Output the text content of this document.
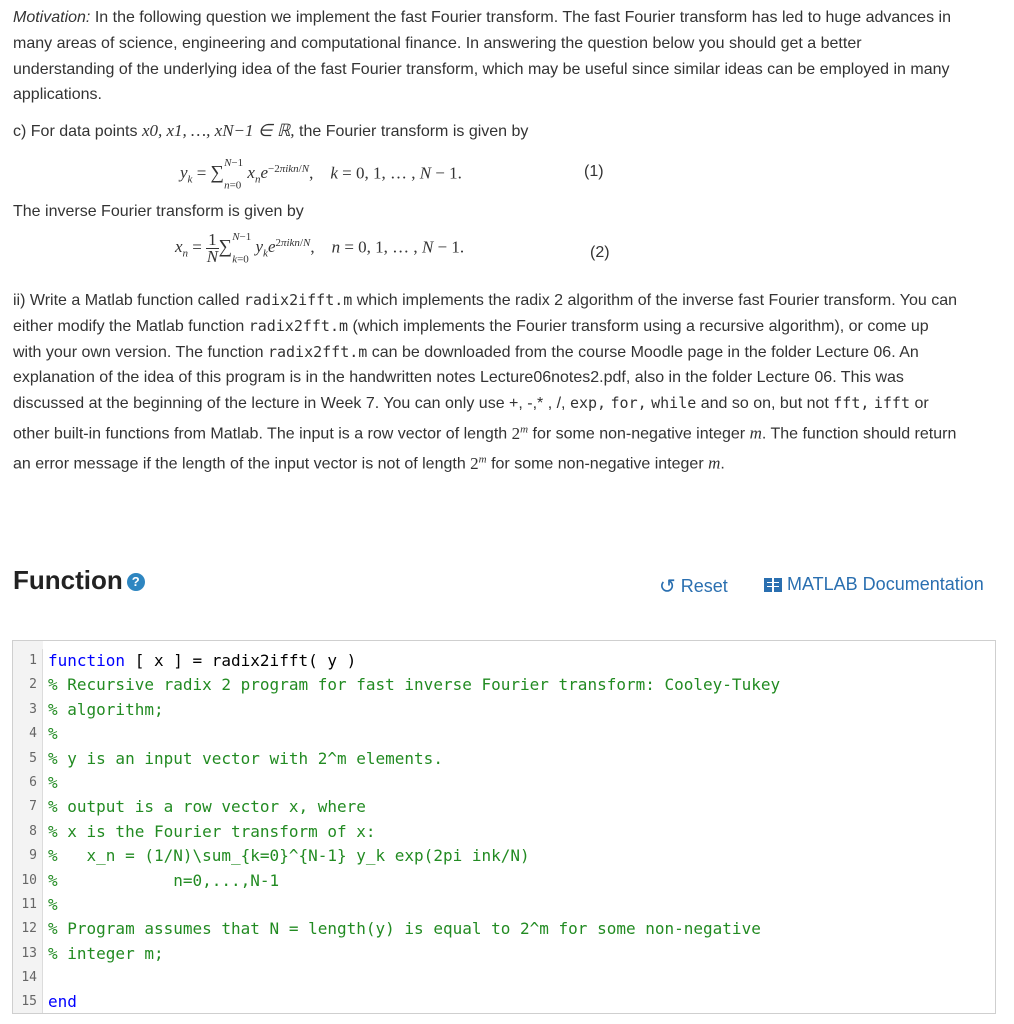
Motivation: In the following question we implement the fast Fourier transform. The fast Fourier transform has led to huge advances in many areas of science, engineering and computational finance. In answering the question below you should get a better understanding of the underlying idea of the fast Fourier transform, which may be useful since similar ideas can be employed in many applications.

c) For data points x0, x1, …, xN−1 ∈ ℝ, the Fourier transform is given by

$y_k = \sum^{N-1}$
$_{n=0}$ $x_ne^{-2\pi ikn/N}$,    k = 0, 1, … , N − 1.	(1)

The inverse Fourier transform is given by

$x_n = \frac{1}{N} \sum^{N-1}$
$_{k=0}$ $y_ke^{2\pi ikn/N}$,    n = 0, 1, … , N − 1.	(2)

ii) Write a Matlab function called radix2ifft.m which implements the radix 2 algorithm of the inverse fast Fourier transform. You can either modify the Matlab function radix2fft.m (which implements the Fourier transform using a recursive algorithm), or come up with your own version. The function radix2fft.m can be downloaded from the course Moodle page in the folder Lecture 06. An explanation of the idea of this program is in the handwritten notes Lecture06notes2.pdf, also in the folder Lecture 06. This was discussed at the beginning of the lecture in Week 7. You can only use +, -,* , /, exp, for, while and so on, but not fft, ifft or other built-in functions from Matlab. The input is a row vector of length 2$^m$ for some non-negative integer m. The function should return an error message if the length of the input vector is not of length 2$^m$ for some non-negative integer m.

Function ?	↻ Reset	MATLAB Documentation
1 function [ x ] = radix2ifft( y )
2 % Recursive radix 2 program for fast inverse Fourier transform: Cooley-Tukey
3 % algorithm;
4 %
5 % y is an input vector with 2^m elements.
6 %
7 % output is a row vector x, where
8 % x is the Fourier transform of x:
9 %   x_n = (1/N)\sum_{k=0}^{N-1} y_k exp(2pi ink/N)
10 %            n=0,...,N-1
11 %
12 % Program assumes that N = length(y) is equal to 2^m for some non-negative
13 % integer m;
14
15 end
